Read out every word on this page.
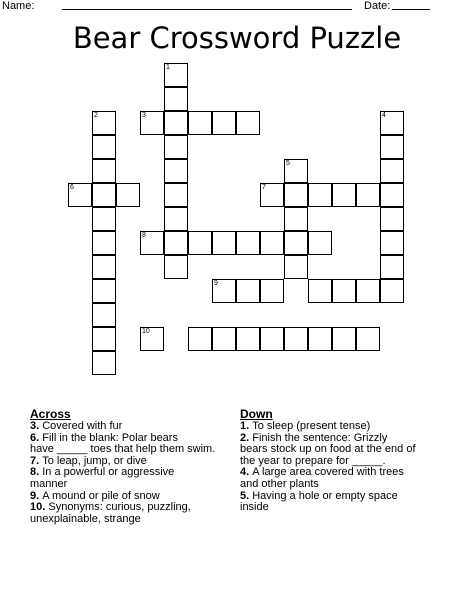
Name:	Date:
Bear Crossword Puzzle
1
2	3	4
5
6	7
8
9
10
Across
3. Covered with fur
6. Fill in the blank: Polar bears
have _____ toes that help them swim.
7. To leap, jump, or dive
8. In a powerful or aggressive
manner
9. A mound or pile of snow
10. Synonyms: curious, puzzling,
unexplainable, strange
Down
1. To sleep (present tense)
2. Finish the sentence: Grizzly
bears stock up on food at the end of
the year to prepare for _____.
4. A large area covered with trees
and other plants
5. Having a hole or empty space
inside
